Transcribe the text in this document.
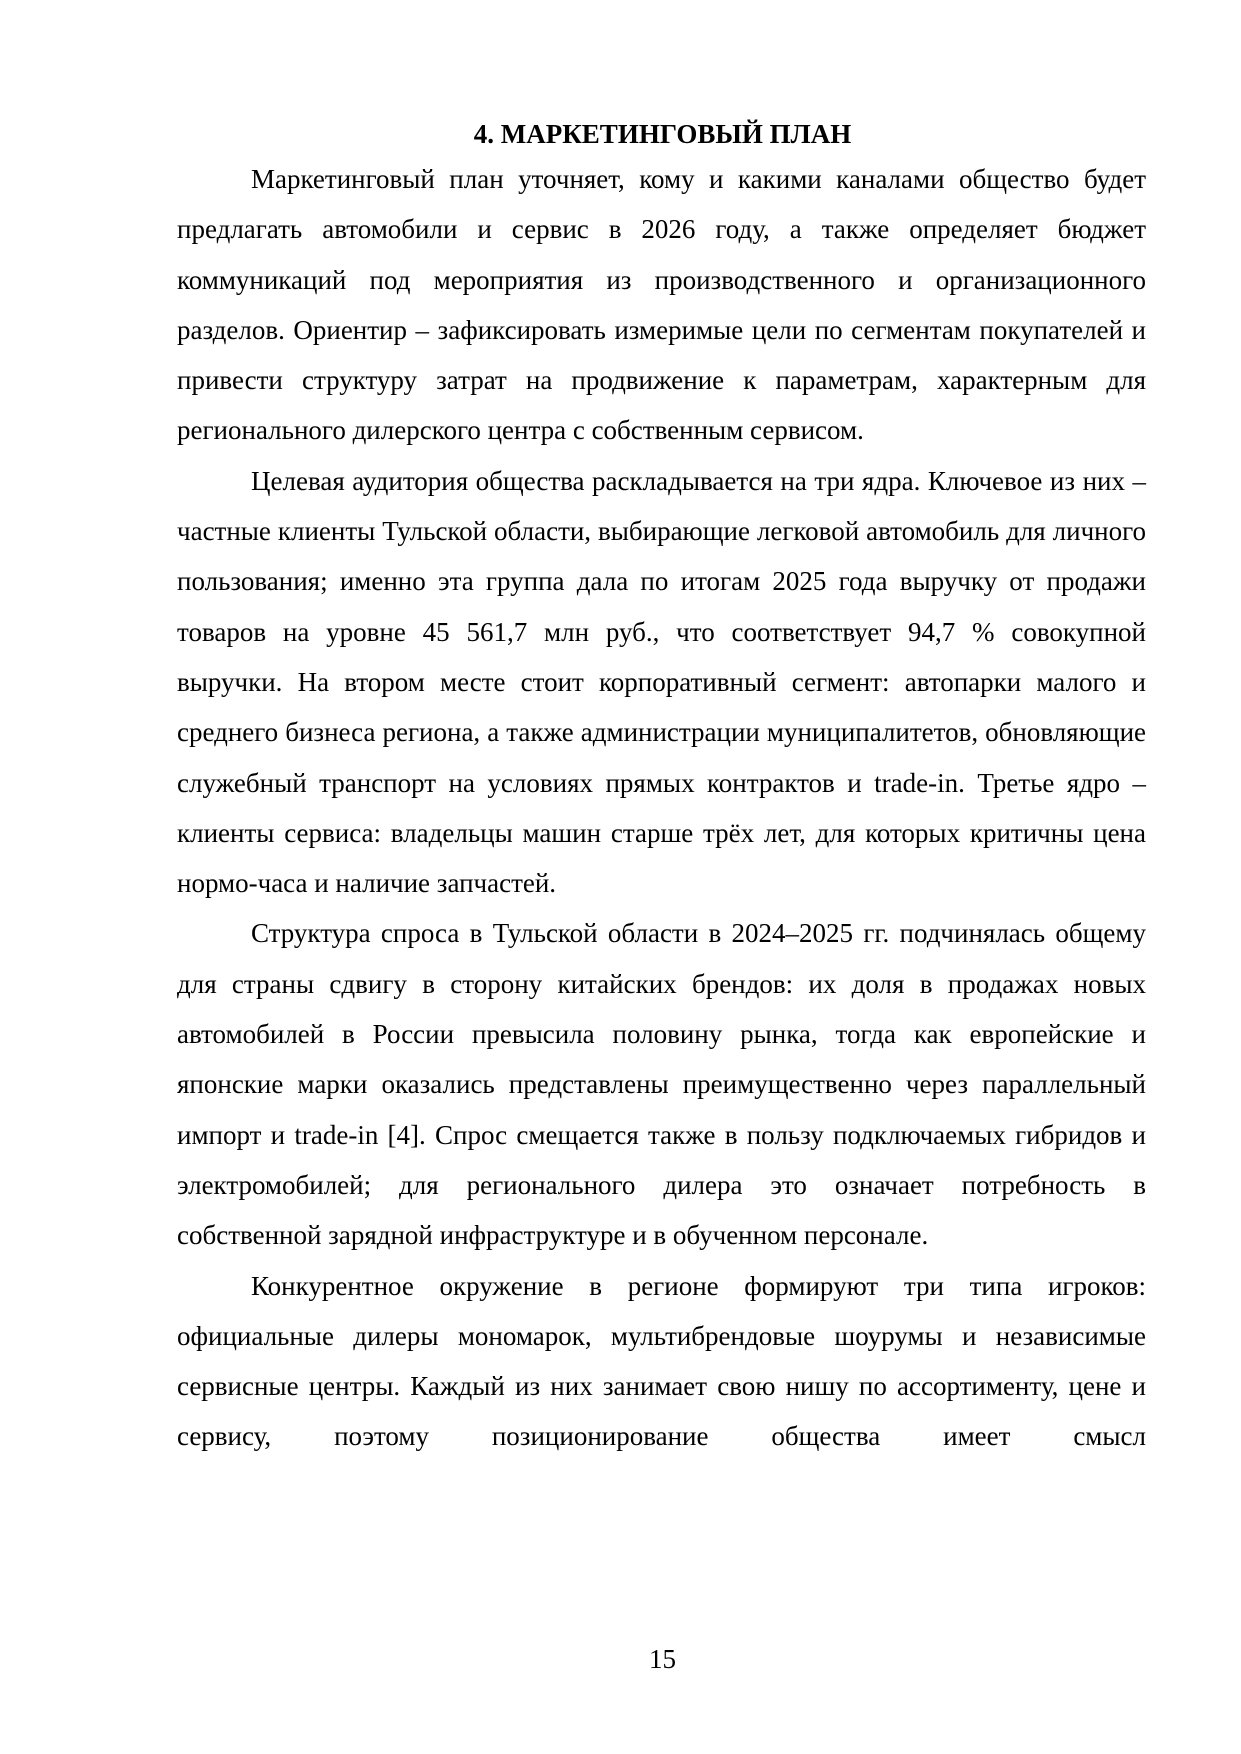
4. МАРКЕТИНГОВЫЙ ПЛАН

Маркетинговый план уточняет, кому и какими каналами общество будет предлагать автомобили и сервис в 2026 году, а также определяет бюджет коммуникаций под мероприятия из производственного и организационного разделов. Ориентир – зафиксировать измеримые цели по сегментам покупателей и привести структуру затрат на продвижение к параметрам, характерным для регионального дилерского центра с собственным сервисом.

Целевая аудитория общества раскладывается на три ядра. Ключевое из них – частные клиенты Тульской области, выбирающие легковой автомобиль для личного пользования; именно эта группа дала по итогам 2025 года выручку от продажи товаров на уровне 45 561,7 млн руб., что соответствует 94,7 % совокупной выручки. На втором месте стоит корпоративный сегмент: автопарки малого и среднего бизнеса региона, а также администрации муниципалитетов, обновляющие служебный транспорт на условиях прямых контрактов и trade-in. Третье ядро – клиенты сервиса: владельцы машин старше трёх лет, для которых критичны цена нормо-часа и наличие запчастей.

Структура спроса в Тульской области в 2024–2025 гг. подчинялась общему для страны сдвигу в сторону китайских брендов: их доля в продажах новых автомобилей в России превысила половину рынка, тогда как европейские и японские марки оказались представлены преимущественно через параллельный импорт и trade-in [4]. Спрос смещается также в пользу подключаемых гибридов и электромобилей; для регионального дилера это означает потребность в собственной зарядной инфраструктуре и в обученном персонале.

Конкурентное окружение в регионе формируют три типа игроков: официальные дилеры мономарок, мультибрендовые шоурумы и независимые сервисные центры. Каждый из них занимает свою нишу по ассортименту, цене и сервису, поэтому позиционирование общества имеет смысл

15
